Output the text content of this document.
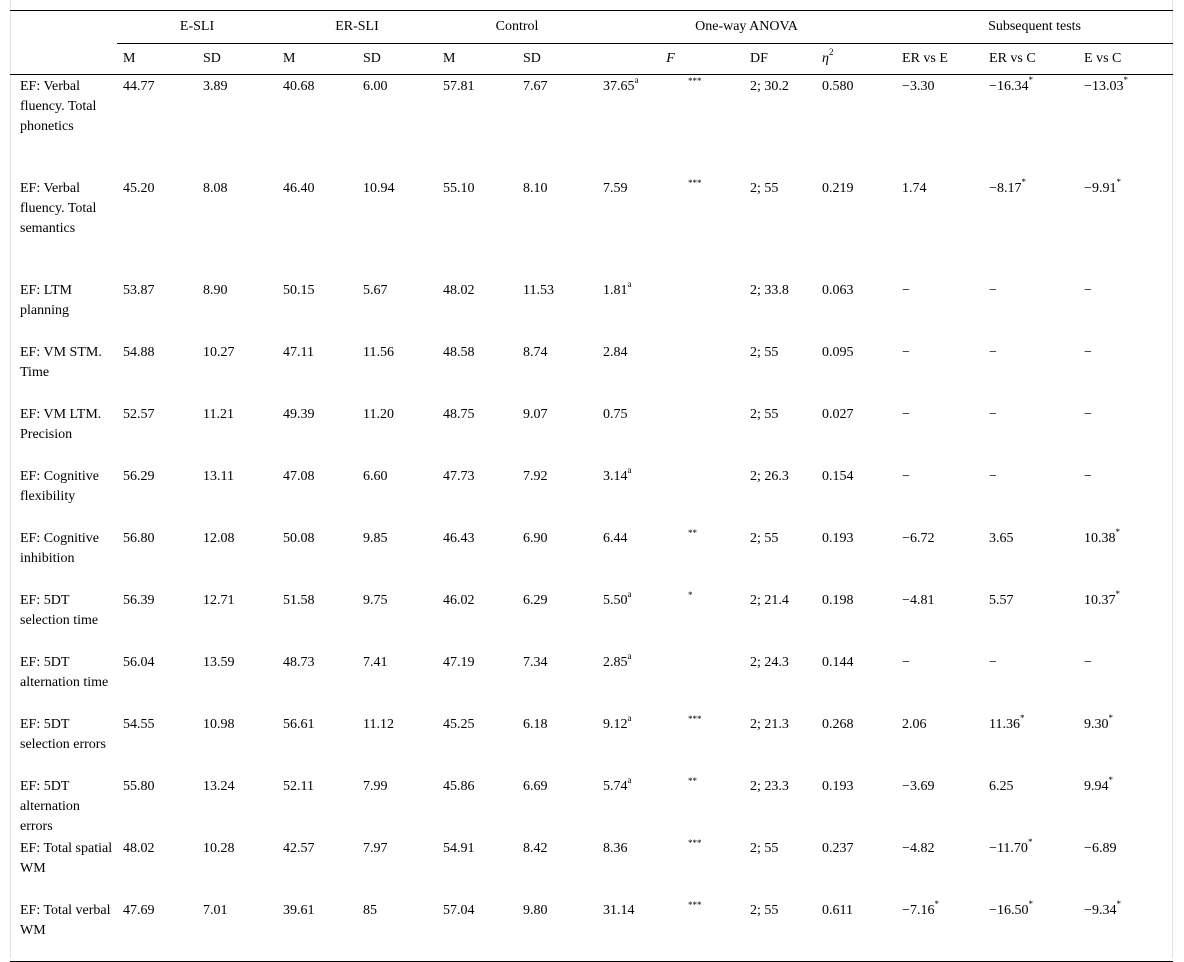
	E-SLI		ER-SLI		Control		One-way ANOVA				Subsequent tests		
	M	SD	M	SD	M	SD	F		DF	$\eta^2$	ER vs E	ER vs C	E vs C
EF: Verbal fluency. Total phonetics	44.77	3.89	40.68	6.00	57.81	7.67	37.65$^a$	***	2; 30.2	0.580	−3.30	−16.34*	−13.03*
EF: Verbal fluency. Total semantics	45.20	8.08	46.40	10.94	55.10	8.10	7.59	***	2; 55	0.219	1.74	−8.17*	−9.91*
EF: LTM planning	53.87	8.90	50.15	5.67	48.02	11.53	1.81$^a$		2; 33.8	0.063	−	−	−
EF: VM STM. Time	54.88	10.27	47.11	11.56	48.58	8.74	2.84		2; 55	0.095	−	−	−
EF: VM LTM. Precision	52.57	11.21	49.39	11.20	48.75	9.07	0.75		2; 55	0.027	−	−	−
EF: Cognitive flexibility	56.29	13.11	47.08	6.60	47.73	7.92	3.14$^a$		2; 26.3	0.154	−	−	−
EF: Cognitive inhibition	56.80	12.08	50.08	9.85	46.43	6.90	6.44	**	2; 55	0.193	−6.72	3.65	10.38*
EF: 5DT selection time	56.39	12.71	51.58	9.75	46.02	6.29	5.50$^a$	*	2; 21.4	0.198	−4.81	5.57	10.37*
EF: 5DT alternation time	56.04	13.59	48.73	7.41	47.19	7.34	2.85$^a$		2; 24.3	0.144	−	−	−
EF: 5DT selection errors	54.55	10.98	56.61	11.12	45.25	6.18	9.12$^a$	***	2; 21.3	0.268	2.06	11.36*	9.30*
EF: 5DT alternation errors	55.80	13.24	52.11	7.99	45.86	6.69	5.74$^a$	**	2; 23.3	0.193	−3.69	6.25	9.94*
EF: Total spatial WM	48.02	10.28	42.57	7.97	54.91	8.42	8.36	***	2; 55	0.237	−4.82	−11.70*	−6.89
EF: Total verbal WM	47.69	7.01	39.61	85	57.04	9.80	31.14	***	2; 55	0.611	−7.16*	−16.50*	−9.34*
